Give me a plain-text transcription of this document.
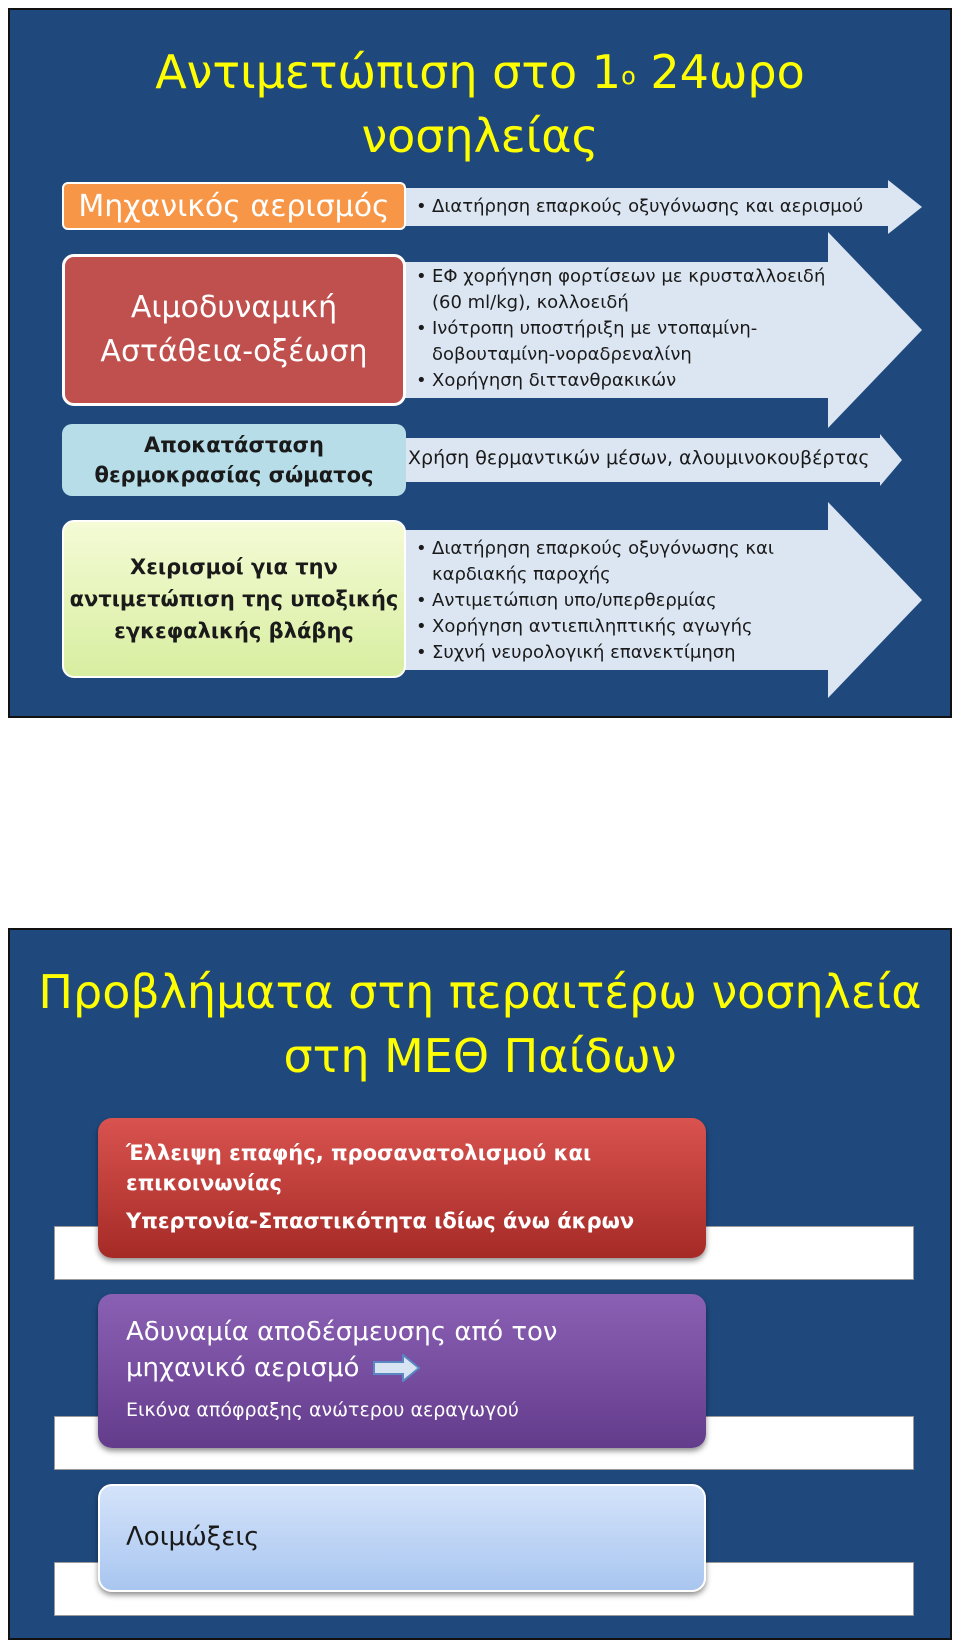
Αντιμετώπιση στο $1^o$ 24ωρο
νοσηλείας
• Διατήρηση επαρκούς οξυγόνωσης και αερισμού
Μηχανικός αερισμός
• ΕΦ χορήγηση φορτίσεων με κρυσταλλοειδή (60 ml/kg), κολλοειδή
• Ινότροπη υποστήριξη με ντοπαμίνη-δοβουταμίνη-νοραδρεναλίνη
• Χορήγηση διττανθρακικών
Αιμοδυναμική
Αστάθεια-οξέωση
Χρήση θερμαντικών μέσων, αλουμινοκουβέρτας
Αποκατάσταση
θερμοκρασίας σώματος
• Διατήρηση επαρκούς οξυγόνωσης και καρδιακής παροχής
• Αντιμετώπιση υπο/υπερθερμίας
• Χορήγηση αντιεπιληπτικής αγωγής
• Συχνή νευρολογική επανεκτίμηση
Χειρισμοί για την
αντιμετώπιση της υποξικής
εγκεφαλικής βλάβης
Προβλήματα στη περαιτέρω νοσηλεία
στη ΜΕΘ Παίδων
Έλλειψη επαφής, προσανατολισμού και
επικοινωνίας
Υπερτονία-Σπαστικότητα ιδίως άνω άκρων
Αδυναμία αποδέσμευσης από τον
μηχανικό αερισμό
Εικόνα απόφραξης ανώτερου αεραγωγού
Λοιμώξεις
